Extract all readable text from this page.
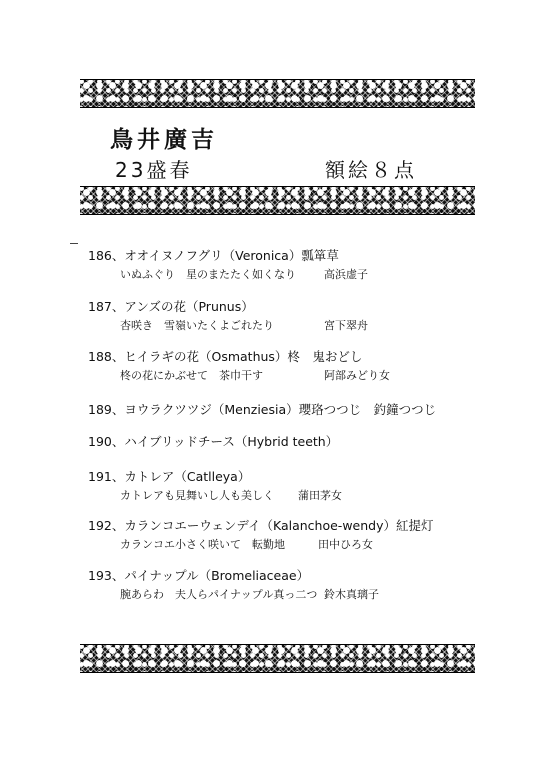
鳥井廣吉
23盛春	額絵８点
186、オオイヌノフグリ（Veronica）瓢箪草
いぬふぐり　星のまたたく如くなり	高浜虚子
187、アンズの花（Prunus）
杏咲き　雪嶺いたくよごれたり	宮下翠舟
188、ヒイラギの花（Osmathus）柊　鬼おどし
柊の花にかぶせて　茶巾干す	阿部みどり女
189、ヨウラクツツジ（Menziesia）瓔珞つつじ　釣鐘つつじ
190、ハイブリッドチース（Hybrid teeth）
191、カトレア（Catlleya）
カトレアも見舞いし人も美しく 蒲田茅女
192、カランコエーウェンデイ（Kalanchoe-wendy）紅提灯
カランコエ小さく咲いて　転勤地	田中ひろ女
193、パイナップル（Bromeliaceae）
腕あらわ　夫人らパイナップル真っ二つ 鈴木真璃子
